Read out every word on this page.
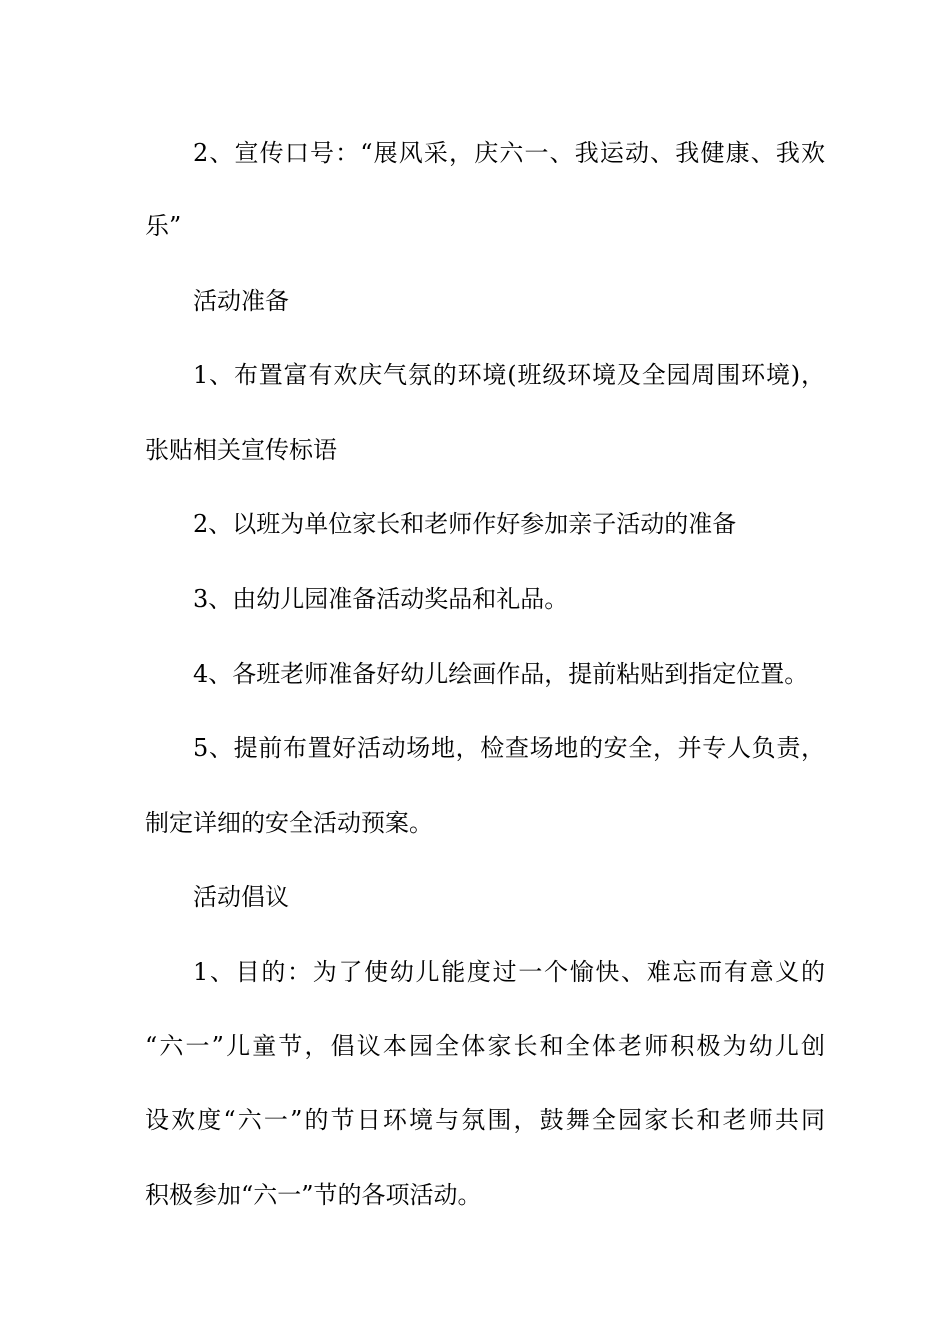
2、宣传口号：“展风采，庆六一、我运动、我健康、我欢
乐”
活动准备
1、布置富有欢庆气氛的环境(班级环境及全园周围环境)，
张贴相关宣传标语
2、以班为单位家长和老师作好参加亲子活动的准备
3、由幼儿园准备活动奖品和礼品。
4、各班老师准备好幼儿绘画作品，提前粘贴到指定位置。
5、提前布置好活动场地，检查场地的安全，并专人负责，
制定详细的安全活动预案。
活动倡议
1、目的：为了使幼儿能度过一个愉快、难忘而有意义的
“六一”儿童节，倡议本园全体家长和全体老师积极为幼儿创
设欢度“六一”的节日环境与氛围，鼓舞全园家长和老师共同
积极参加“六一”节的各项活动。
